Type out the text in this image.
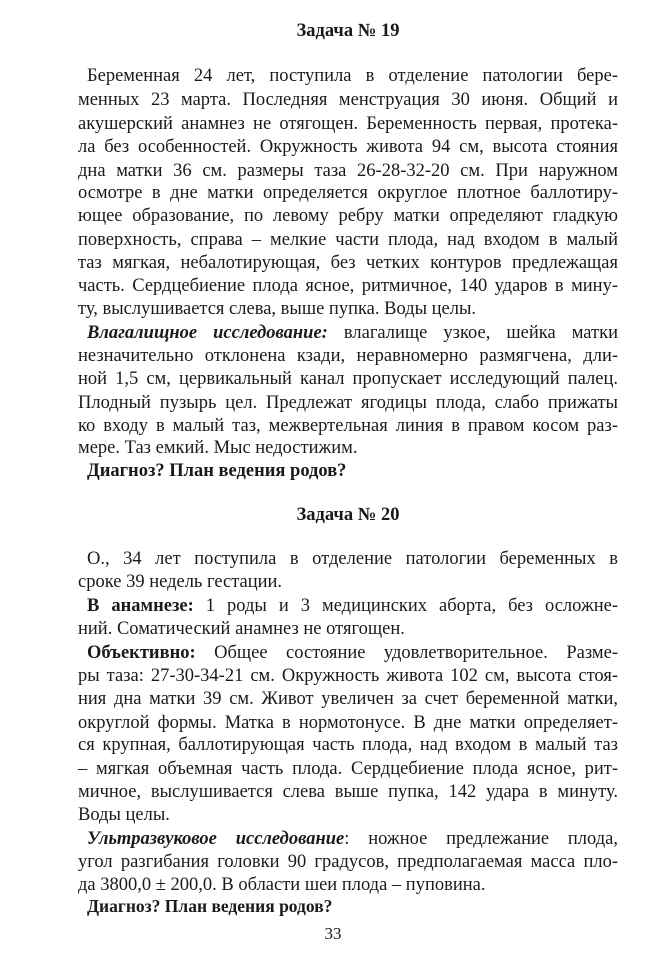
Задача № 19
Беременная 24 лет, поступила в отделение патологии бере-
менных 23 марта. Последняя менструация 30 июня. Общий и
акушерский анамнез не отягощен. Беременность первая, протека-
ла без особенностей. Окружность живота 94 см, высота стояния
дна матки 36 см. размеры таза 26-28-32-20 см. При наружном
осмотре в дне матки определяется округлое плотное баллотиру-
ющее образование, по левому ребру матки определяют гладкую
поверхность, справа – мелкие части плода, над входом в малый
таз мягкая, небалотирующая, без четких контуров предлежащая
часть. Сердцебиение плода ясное, ритмичное, 140 ударов в мину-
ту, выслушивается слева, выше пупка. Воды целы.
Влагалищное исследование: влагалище узкое, шейка матки
незначительно отклонена кзади, неравномерно размягчена, дли-
ной 1,5 см, цервикальный канал пропускает исследующий палец.
Плодный пузырь цел. Предлежат ягодицы плода, слабо прижаты
ко входу в малый таз, межвертельная линия в правом косом раз-
мере. Таз емкий. Мыс недостижим.
Диагноз? План ведения родов?
Задача № 20
О., 34 лет поступила в отделение патологии беременных в
сроке 39 недель гестации.
В анамнезе: 1 роды и 3 медицинских аборта, без осложне-
ний. Соматический анамнез не отягощен.
Объективно: Общее состояние удовлетворительное. Разме-
ры таза: 27-30-34-21 см. Окружность живота 102 см, высота стоя-
ния дна матки 39 см. Живот увеличен за счет беременной матки,
округлой формы. Матка в нормотонусе. В дне матки определяет-
ся крупная, баллотирующая часть плода, над входом в малый таз
– мягкая объемная часть плода. Сердцебиение плода ясное, рит-
мичное, выслушивается слева выше пупка, 142 удара в минуту.
Воды целы.
Ультразвуковое исследование: ножное предлежание плода,
угол разгибания головки 90 градусов, предполагаемая масса пло-
да 3800,0 ± 200,0. В области шеи плода – пуповина.
Диагноз? План ведения родов?
33
